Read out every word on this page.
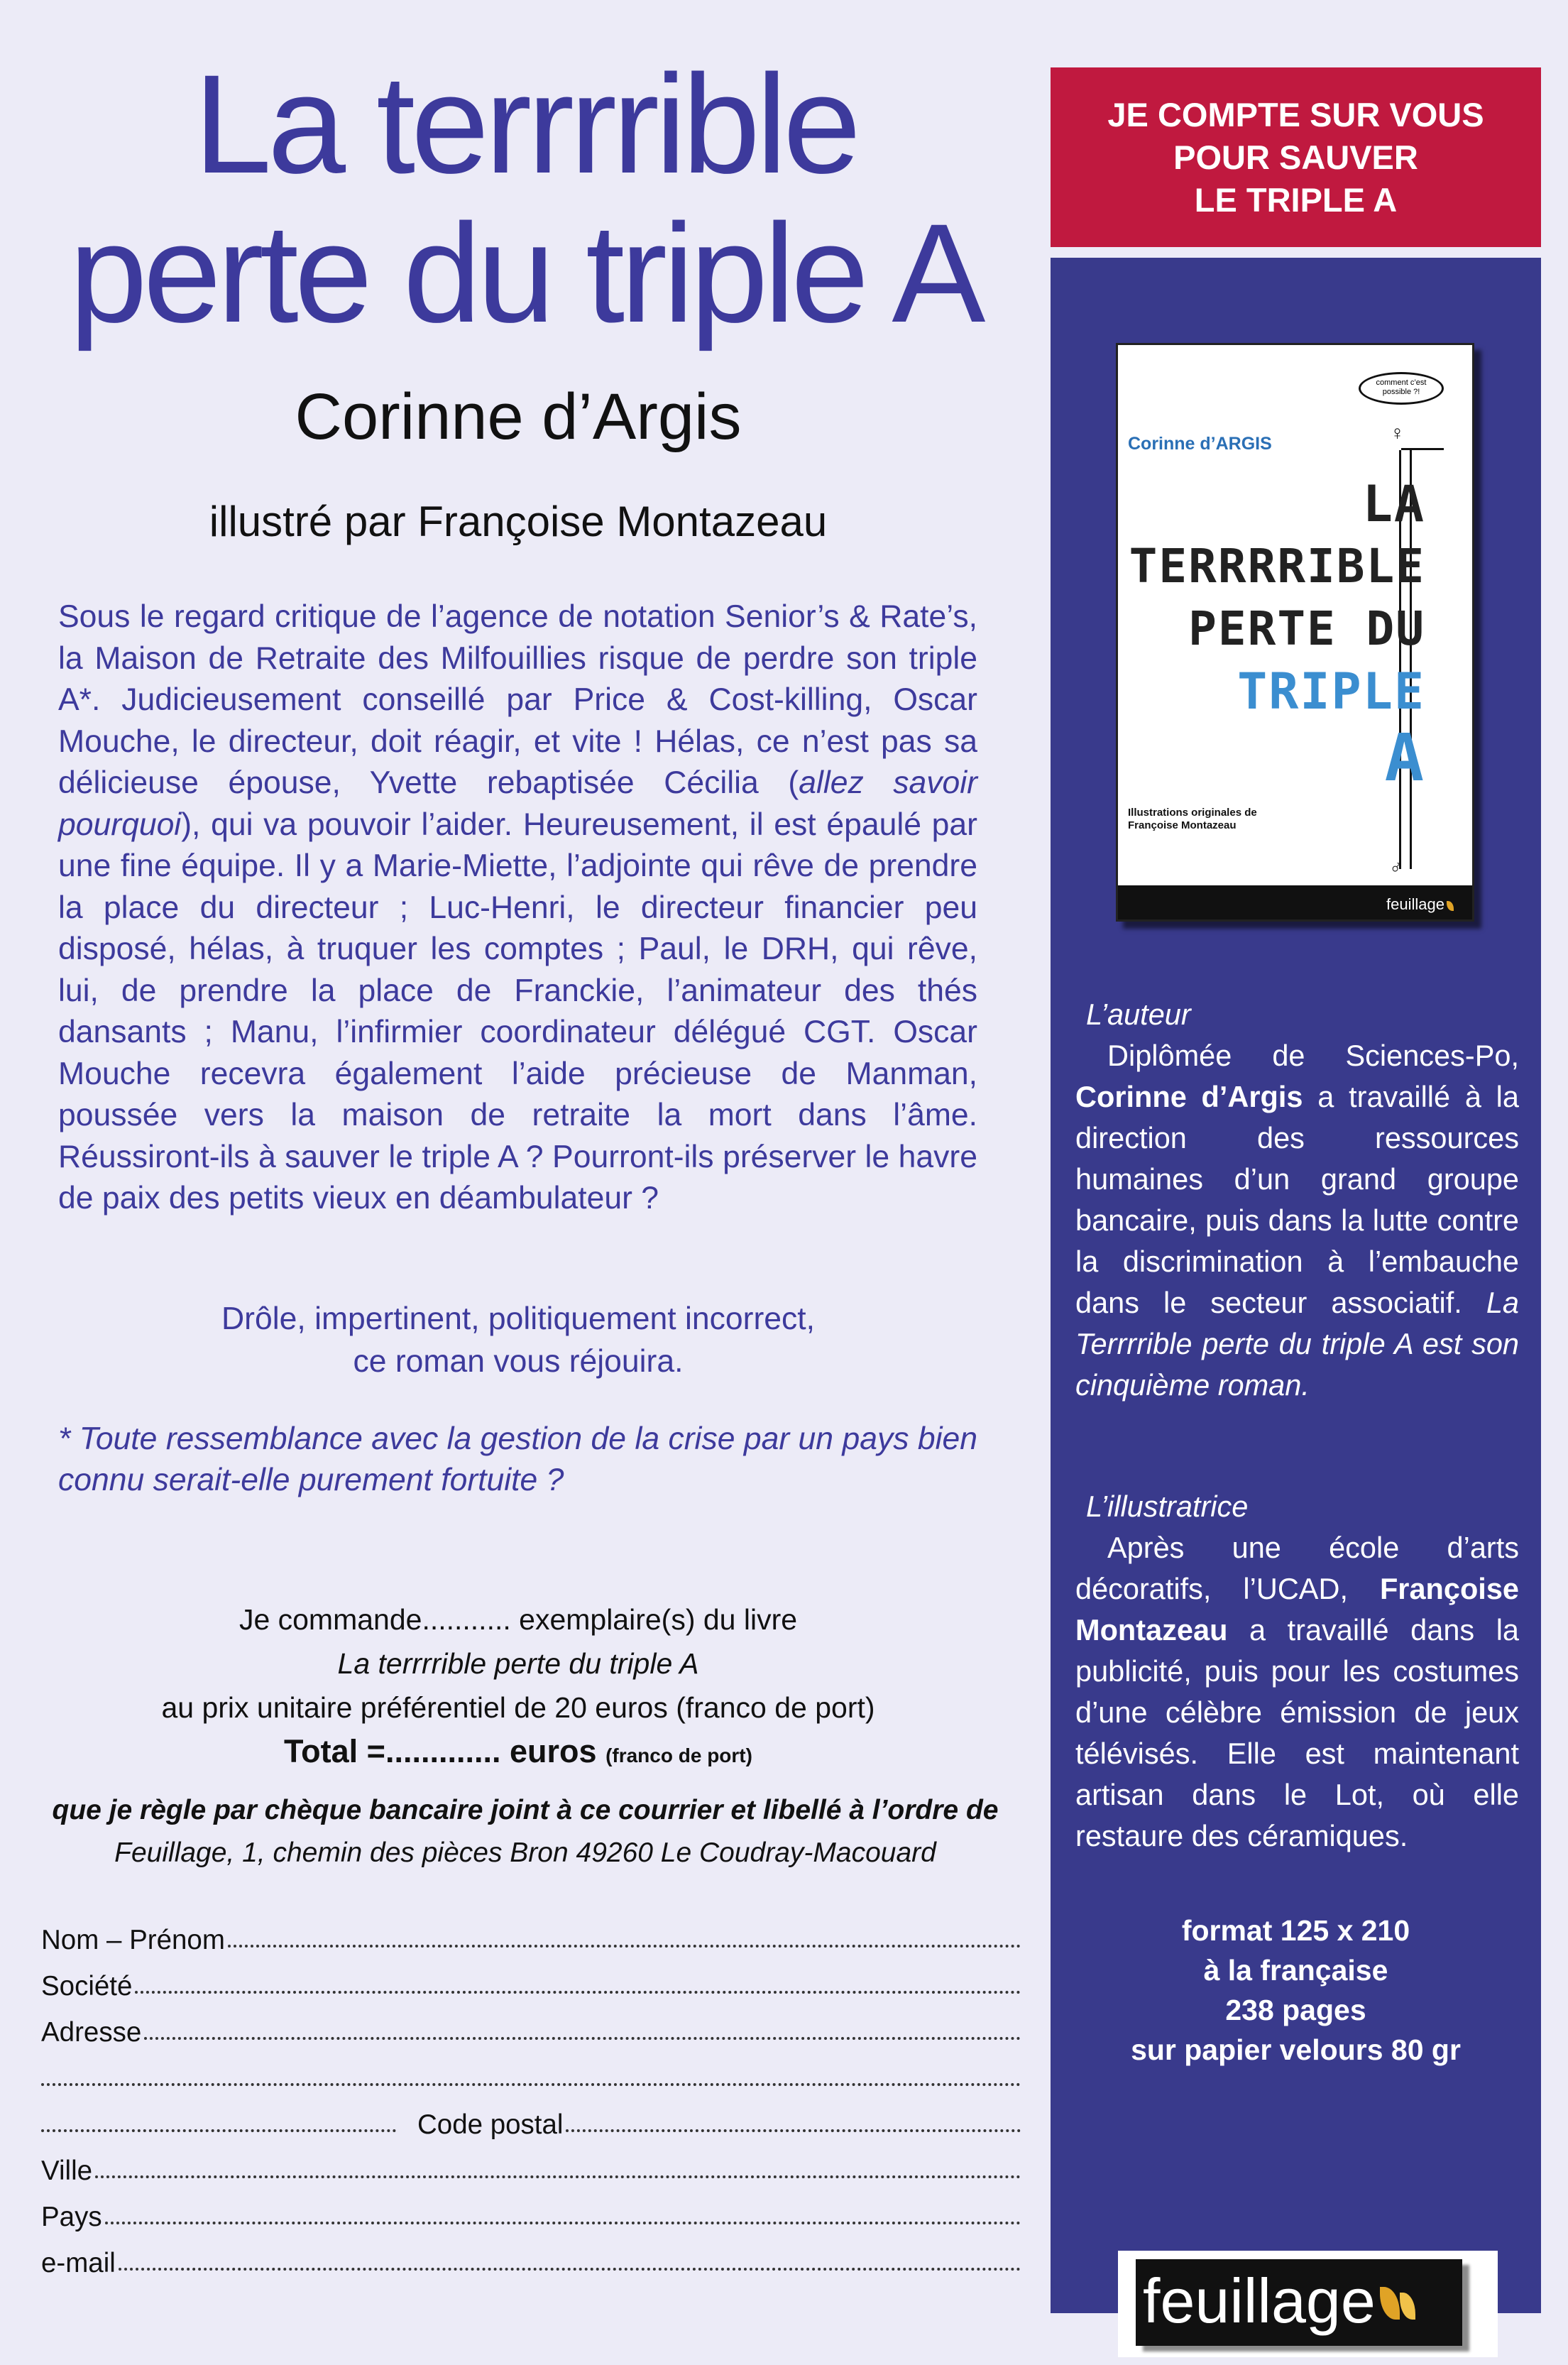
La terrrrible
perte du triple A
Corinne d’Argis
illustré par Françoise Montazeau

Sous le regard critique de l’agence de notation Senior’s & Rate’s, la Maison de Retraite des Milfouillies risque de perdre son triple A*. Judicieusement conseillé par Price & Cost-killing, Oscar Mouche, le directeur, doit réagir, et vite ! Hélas, ce n’est pas sa délicieuse épouse, Yvette rebaptisée Cécilia (allez savoir pourquoi), qui va pouvoir l’aider. Heureusement, il est épaulé par une fine équipe. Il y a Marie-Miette, l’adjointe qui rêve de prendre la place du directeur ; Luc-Henri, le directeur financier peu disposé, hélas, à truquer les comptes ; Paul, le DRH, qui rêve, lui, de prendre la place de Franckie, l’animateur des thés dansants ; Manu, l’infirmier coordinateur délégué CGT. Oscar Mouche recevra également l’aide précieuse de Manman, poussée vers la maison de retraite la mort dans l’âme. Réussiront-ils à sauver le triple A ? Pourront-ils préserver le havre de paix des petits vieux en déambulateur ?

Drôle, impertinent, politiquement incorrect,
ce roman vous réjouira.
* Toute ressemblance avec la gestion de la crise par un pays bien connu serait-elle purement fortuite ?
Je commande........... exemplaire(s) du livre
La terrrrible perte du triple A
au prix unitaire préférentiel de 20 euros (franco de port)
Total =............. euros (franco de port)
que je règle par chèque bancaire joint à ce courrier et libellé à l’ordre de
Feuillage, 1, chemin des pièces Bron 49260 Le Coudray-Macouard
Nom – Prénom
Société
Adresse
Code postal
Ville
Pays
e-mail
JE COMPTE SUR VOUS
POUR SAUVER
LE TRIPLE A
comment c’est possible ?!
♀
♂
Corinne d’ARGIS
LA
TERRRRIBLE
PERTE DU
TRIPLE
A
Illustrations originales de
Françoise Montazeau
feuillage
L’auteur

Diplômée de Sciences-Po, Corinne d’Argis a travaillé à la direction des ressources humaines d’un grand groupe bancaire, puis dans la lutte contre la discrimination à l’embauche dans le secteur associatif. La Terrrrible perte du triple A est son cinquième roman.

L’illustratrice

Après une école d’arts décoratifs, l’UCAD, Françoise Montazeau a travaillé dans la publicité, puis pour les costumes d’une célèbre émission de jeux télévisés. Elle est maintenant artisan dans le Lot, où elle restaure des céramiques.

format 125 x 210
à la française
238 pages
sur papier velours 80 gr
feuillage
